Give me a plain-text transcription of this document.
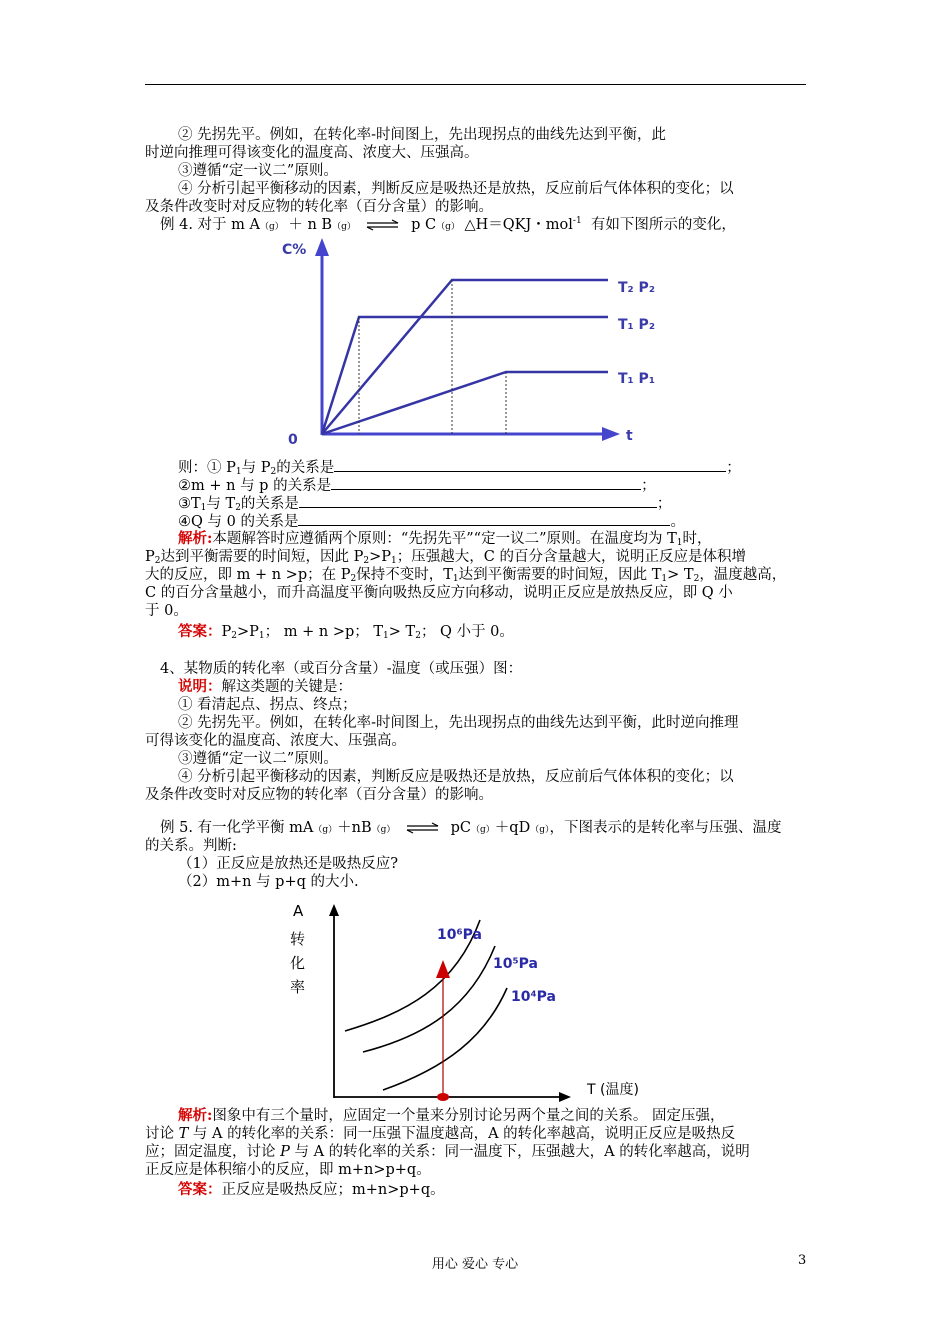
② 先拐先平。例如，在转化率-时间图上，先出现拐点的曲线先达到平衡，此
时逆向推理可得该变化的温度高、浓度大、压强高。
③遵循“定一议二”原则。
④ 分析引起平衡移动的因素，判断反应是吸热还是放热，反应前后气体体积的变化；以
及条件改变时对反应物的转化率（百分含量）的影响。
例 4. 对于 m A（g） ＋ n B（g） ⇌ p C（g） △H＝QKJ・mol$^{-1}$ 有如下图所示的变化，
C%
0	t
T₂ P₂
T₁ P₂
T₁ P₁
则：① $P_1$与 $P_2$的关系是	；
②m + n 与 p 的关系是	；
$③T_1$与 $T_2$的关系是	；
④Q 与 0 的关系是	。
解析:本题解答时应遵循两个原则：“先拐先平”“定一议二”原则。在温度均为 $T_1$时，
$P_2$达到平衡需要的时间短，因此 $P_2>P_1$；压强越大，C 的百分含量越大，说明正反应是体积增
大的反应，即 m + n >p；在 $P_2$保持不变时，$T_1$达到平衡需要的时间短，因此 $T_1> T_2$，温度越高，
C 的百分含量越小，而升高温度平衡向吸热反应方向移动，说明正反应是放热反应，即 Q 小
于 0。
答案：$P_2>P_1$； m + n >p； $T_1> T_2$； Q 小于 0。
4、某物质的转化率（或百分含量）-温度（或压强）图：
说明：解这类题的关键是：
① 看清起点、拐点、终点；
② 先拐先平。例如，在转化率-时间图上，先出现拐点的曲线先达到平衡，此时逆向推理
可得该变化的温度高、浓度大、压强高。
③遵循“定一议二”原则。
④ 分析引起平衡移动的因素，判断反应是吸热还是放热，反应前后气体体积的变化；以
及条件改变时对反应物的转化率（百分含量）的影响。
例 5. 有一化学平衡 mA（g）＋nB（g） ⇌ pC（g）＋qD（g），下图表示的是转化率与压强、温度
的关系。判断:
（1）正反应是放热还是吸热反应?
（2）m+n 与 p+q 的大小.
A
转
化
率
T (温度)
10⁶Pa
10⁵Pa
10⁴Pa
解析:图象中有三个量时，应固定一个量来分别讨论另两个量之间的关系。 固定压强，
讨论 T 与 A 的转化率的关系：同一压强下温度越高，A 的转化率越高，说明正反应是吸热反
应；固定温度，讨论 P 与 A 的转化率的关系：同一温度下，压强越大，A 的转化率越高，说明
正反应是体积缩小的反应，即 m+n>p+q。
答案：正反应是吸热反应；m+n>p+q。
用心 爱心 专心	3
